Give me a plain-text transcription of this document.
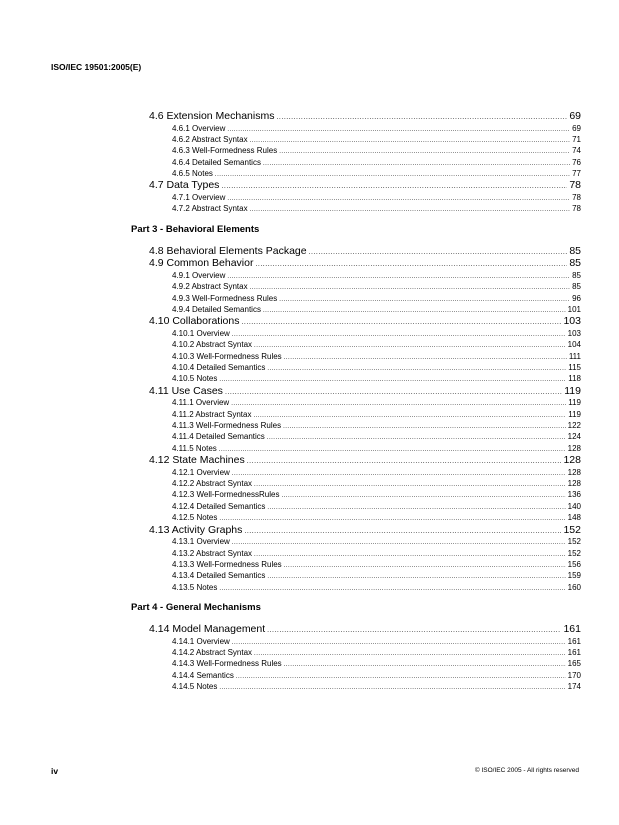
ISO/IEC 19501:2005(E)
4.6 Extension Mechanisms .....	69
4.6.1 Overview .....	69
4.6.2 Abstract Syntax .....	71
4.6.3 Well-Formedness Rules .....	74
4.6.4 Detailed Semantics .....	76
4.6.5 Notes .....	77
4.7 Data Types .....	78
4.7.1 Overview .....	78
4.7.2 Abstract Syntax .....	78
Part 3 - Behavioral Elements
4.8 Behavioral Elements Package .....	85
4.9 Common Behavior .....	85
4.9.1 Overview .....	85
4.9.2 Abstract Syntax .....	85
4.9.3 Well-Formedness Rules .....	96
4.9.4 Detailed Semantics .....	101
4.10 Collaborations .....	103
4.10.1 Overview .....	103
4.10.2 Abstract Syntax .....	104
4.10.3 Well-Formedness Rules .....	111
4.10.4 Detailed Semantics .....	115
4.10.5 Notes .....	118
4.11 Use Cases .....	119
4.11.1 Overview .....	119
4.11.2 Abstract Syntax .....	119
4.11.3 Well-Formedness Rules .....	122
4.11.4 Detailed Semantics .....	124
4.11.5 Notes .....	128
4.12 State Machines .....	128
4.12.1 Overview .....	128
4.12.2 Abstract Syntax .....	128
4.12.3 Well-FormednessRules .....	136
4.12.4 Detailed Semantics .....	140
4.12.5 Notes .....	148
4.13 Activity Graphs .....	152
4.13.1 Overview .....	152
4.13.2 Abstract Syntax .....	152
4.13.3 Well-Formedness Rules .....	156
4.13.4 Detailed Semantics .....	159
4.13.5 Notes .....	160
Part 4 - General Mechanisms
4.14 Model Management .....	161
4.14.1 Overview .....	161
4.14.2 Abstract Syntax .....	161
4.14.3 Well-Formedness Rules .....	165
4.14.4 Semantics .....	170
4.14.5 Notes .....	174
iv	© ISO/IEC 2005 - All rights reserved
